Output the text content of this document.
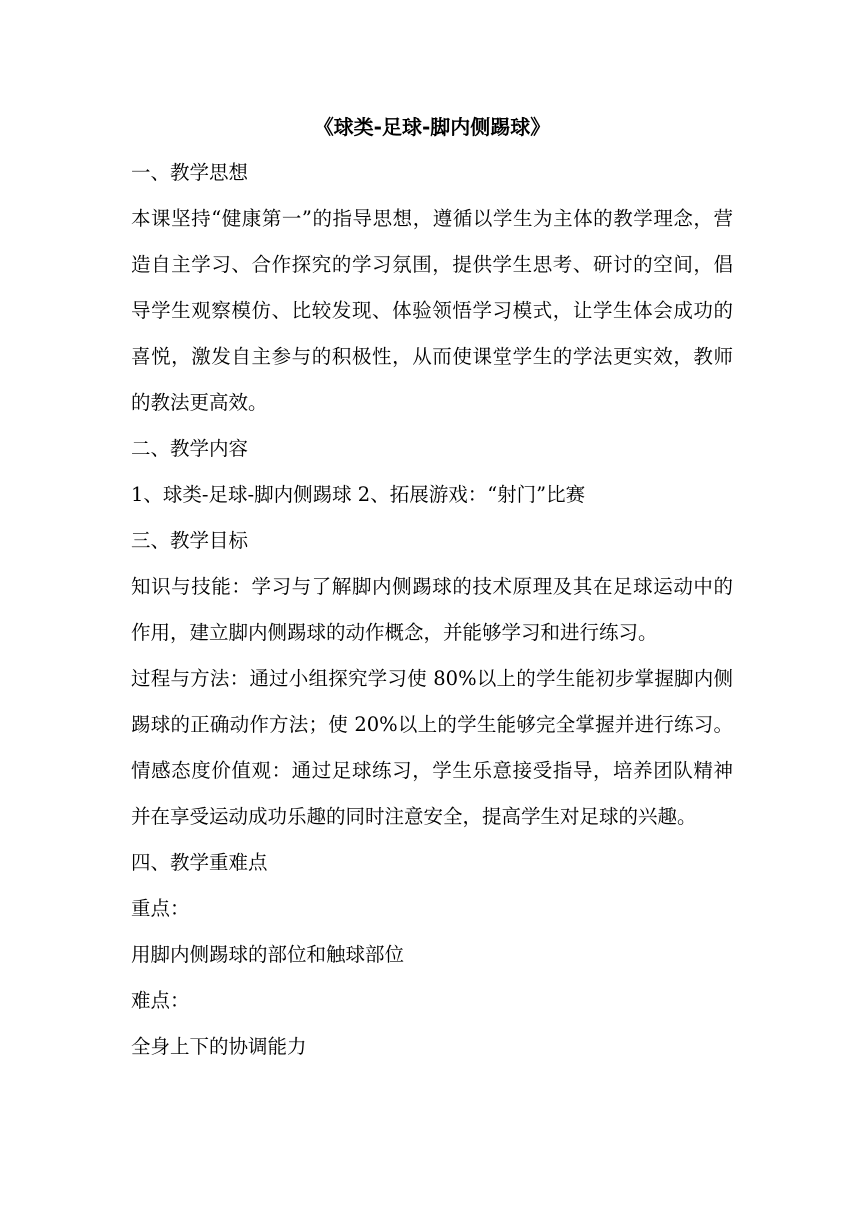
《球类-足球-脚内侧踢球》

一、教学思想

本课坚持“健康第一”的指导思想，遵循以学生为主体的教学理念，营造自主学习、合作探究的学习氛围，提供学生思考、研讨的空间，倡导学生观察模仿、比较发现、体验领悟学习模式，让学生体会成功的喜悦，激发自主参与的积极性，从而使课堂学生的学法更实效，教师的教法更高效。

二、教学内容

1、球类-足球-脚内侧踢球 2、拓展游戏：“射门”比赛

三、教学目标

知识与技能：学习与了解脚内侧踢球的技术原理及其在足球运动中的作用，建立脚内侧踢球的动作概念，并能够学习和进行练习。

过程与方法：通过小组探究学习使 80%以上的学生能初步掌握脚内侧踢球的正确动作方法；使 20%以上的学生能够完全掌握并进行练习。 情感态度价值观：通过足球练习，学生乐意接受指导，培养团队精神并在享受运动成功乐趣的同时注意安全，提高学生对足球的兴趣。

四、教学重难点

重点：

用脚内侧踢球的部位和触球部位

难点：

全身上下的协调能力
